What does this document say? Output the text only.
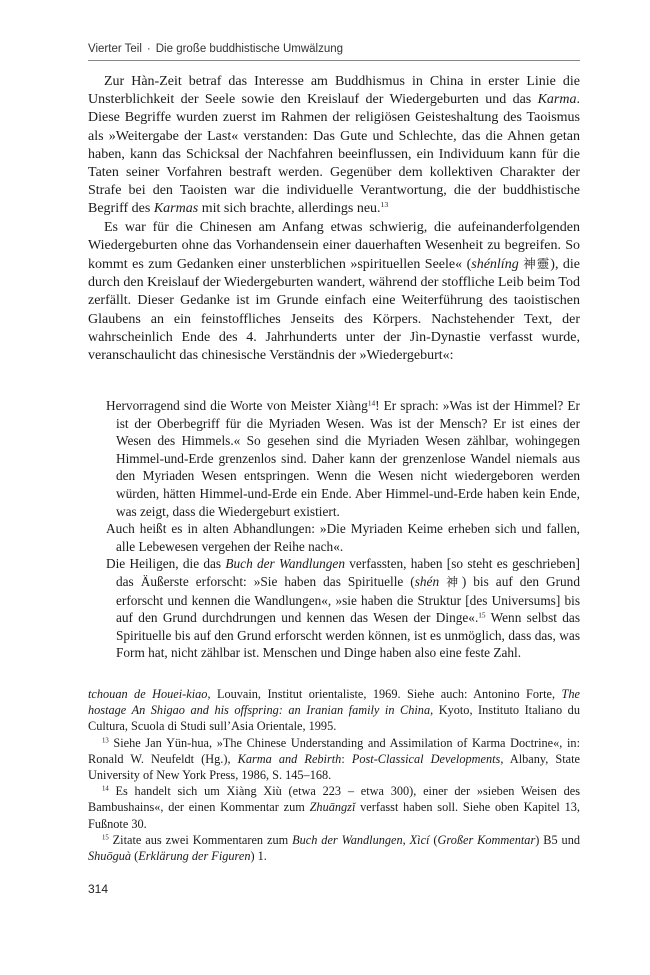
Vierter Teil · Die große buddhistische Umwälzung

Zur Hàn-Zeit betraf das Interesse am Buddhismus in China in erster Linie die Unsterblichkeit der Seele sowie den Kreislauf der Wiedergeburten und das Karma. Diese Begriffe wurden zuerst im Rahmen der religiösen Geisteshaltung des Taoismus als »Weitergabe der Last« verstanden: Das Gute und Schlechte, das die Ahnen getan haben, kann das Schicksal der Nachfahren beeinflussen, ein Individuum kann für die Taten seiner Vorfahren bestraft werden. Gegenüber dem kollektiven Charakter der Strafe bei den Taoisten war die individuelle Verantwortung, die der buddhistische Begriff des Karmas mit sich brachte, allerdings neu.$^{13}$

Es war für die Chinesen am Anfang etwas schwierig, die aufeinanderfolgenden Wiedergeburten ohne das Vorhandensein einer dauerhaften Wesenheit zu begreifen. So kommt es zum Gedanken einer unsterblichen »spirituellen Seele« (shénlíng 神靈), die durch den Kreislauf der Wiedergeburten wandert, während der stoffliche Leib beim Tod zerfällt. Dieser Gedanke ist im Grunde einfach eine Weiterführung des taoistischen Glaubens an ein feinstoffliches Jenseits des Körpers. Nachstehender Text, der wahrscheinlich Ende des 4. Jahrhunderts unter der Jìn-Dynastie verfasst wurde, veranschaulicht das chinesische Verständnis der »Wiedergeburt«:

Hervorragend sind die Worte von Meister Xiàng$^{14}$! Er sprach: »Was ist der Himmel? Er ist der Oberbegriff für die Myriaden Wesen. Was ist der Mensch? Er ist eines der Wesen des Himmels.« So gesehen sind die Myriaden Wesen zählbar, wohingegen Himmel-und-Erde grenzenlos sind. Daher kann der grenzenlose Wandel niemals aus den Myriaden Wesen entspringen. Wenn die Wesen nicht wiedergeboren werden würden, hätten Himmel-und-Erde ein Ende. Aber Himmel-und-Erde haben kein Ende, was zeigt, dass die Wiedergeburt existiert.

Auch heißt es in alten Abhandlungen: »Die Myriaden Keime erheben sich und fallen, alle Lebewesen vergehen der Reihe nach«.

Die Heiligen, die das Buch der Wandlungen verfassten, haben [so steht es geschrieben] das Äußerste erforscht: »Sie haben das Spirituelle (shén 神) bis auf den Grund erforscht und kennen die Wandlungen«, »sie haben die Struktur [des Universums] bis auf den Grund durchdrungen und kennen das Wesen der Dinge«.$^{15}$ Wenn selbst das Spirituelle bis auf den Grund erforscht werden können, ist es unmöglich, dass das, was Form hat, nicht zählbar ist. Menschen und Dinge haben also eine feste Zahl.

tchouan de Houei-kiao, Louvain, Institut orientaliste, 1969. Siehe auch: Antonino Forte, The hostage An Shigao and his offspring: an Iranian family in China, Kyoto, Instituto Italiano du Cultura, Scuola di Studi sull’Asia Orientale, 1995.

$^{13}$ Siehe Jan Yün-hua, »The Chinese Understanding and Assimilation of Karma Doctrine«, in: Ronald W. Neufeldt (Hg.), Karma and Rebirth: Post-Classical Developments, Albany, State University of New York Press, 1986, S. 145–168.

$^{14}$ Es handelt sich um Xiàng Xiù (etwa 223 – etwa 300), einer der »sieben Weisen des Bambushains«, der einen Kommentar zum Zhuāngzǐ verfasst haben soll. Siehe oben Kapitel 13, Fußnote 30.

$^{15}$ Zitate aus zwei Kommentaren zum Buch der Wandlungen, Xìcí (Großer Kommentar) B5 und Shuōguà (Erklärung der Figuren) 1.

314
